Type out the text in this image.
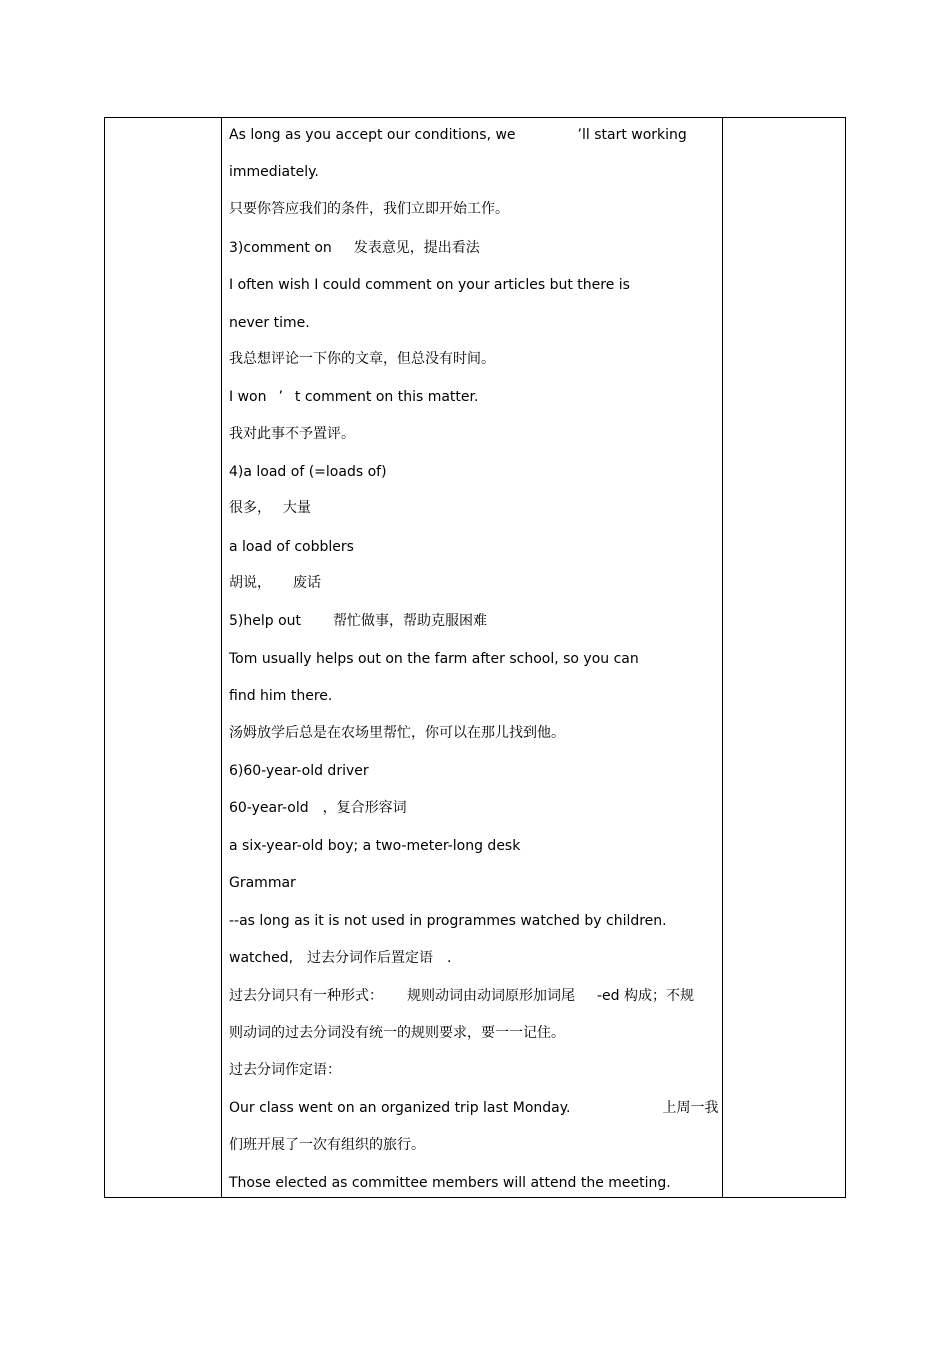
As long as you accept our conditions, we	’ll start working
immediately.
只要你答应我们的条件，我们立即开始工作。
3)comment on 发表意见，提出看法
I often wish I could comment on your articles but there is
never time.
我总想评论一下你的文章，但总没有时间。
I won ’ t comment on this matter.
我对此事不予置评。
4)a load of (=loads of)
很多， 大量
a load of cobblers
胡说， 废话
5)help out 帮忙做事，帮助克服困难
Tom usually helps out on the farm after school, so you can
find him there.
汤姆放学后总是在农场里帮忙，你可以在那儿找到他。
6)60-year-old driver
60-year-old ，复合形容词
a six-year-old boy; a two-meter-long desk
Grammar
--as long as it is not used in programmes watched by children.
watched, 过去分词作后置定语 .
过去分词只有一种形式： 规则动词由动词原形加词尾 -ed 构成；不规
则动词的过去分词没有统一的规则要求，要一一记住。
过去分词作定语：
Our class went on an organized trip last Monday.	上周一我
们班开展了一次有组织的旅行。
Those elected as committee members will attend the meeting.
